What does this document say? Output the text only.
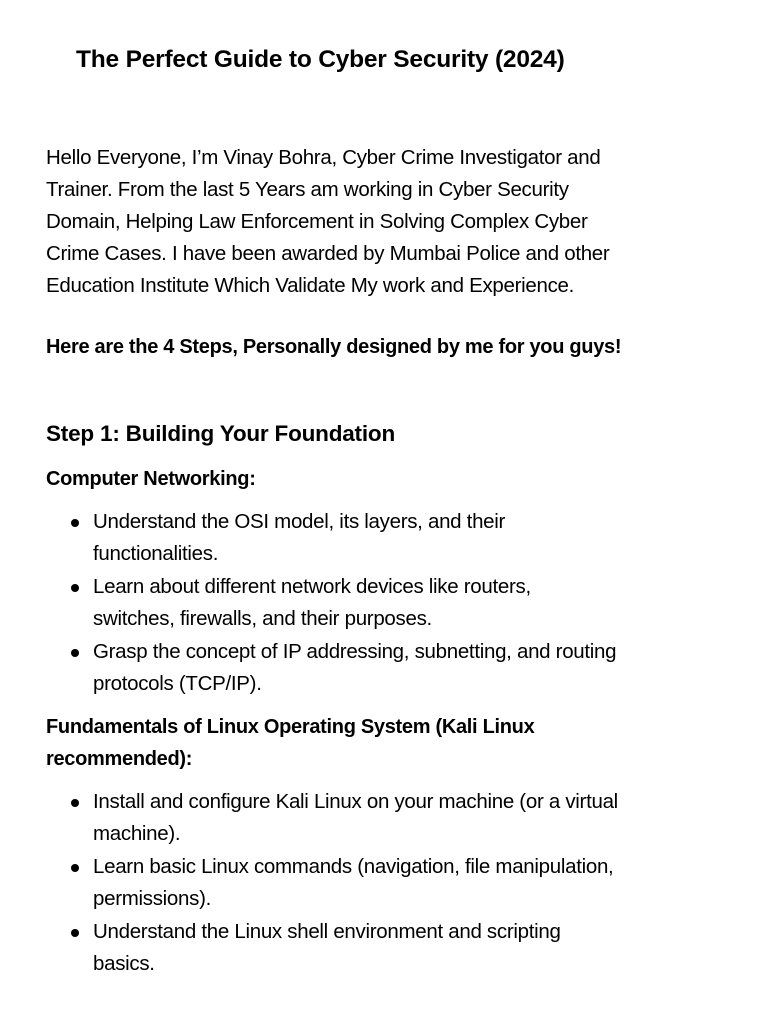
The Perfect Guide to Cyber Security (2024)
Hello Everyone, I’m Vinay Bohra, Cyber Crime Investigator and
Trainer. From the last 5 Years am working in Cyber Security
Domain, Helping Law Enforcement in Solving Complex Cyber
Crime Cases. I have been awarded by Mumbai Police and other
Education Institute Which Validate My work and Experience.
Here are the 4 Steps, Personally designed by me for you guys!
Step 1: Building Your Foundation
Computer Networking:
Understand the OSI model, its layers, and their
functionalities.
Learn about different network devices like routers,
switches, firewalls, and their purposes.
Grasp the concept of IP addressing, subnetting, and routing
protocols (TCP/IP).
Fundamentals of Linux Operating System (Kali Linux
recommended):
Install and configure Kali Linux on your machine (or a virtual
machine).
Learn basic Linux commands (navigation, file manipulation,
permissions).
Understand the Linux shell environment and scripting
basics.
